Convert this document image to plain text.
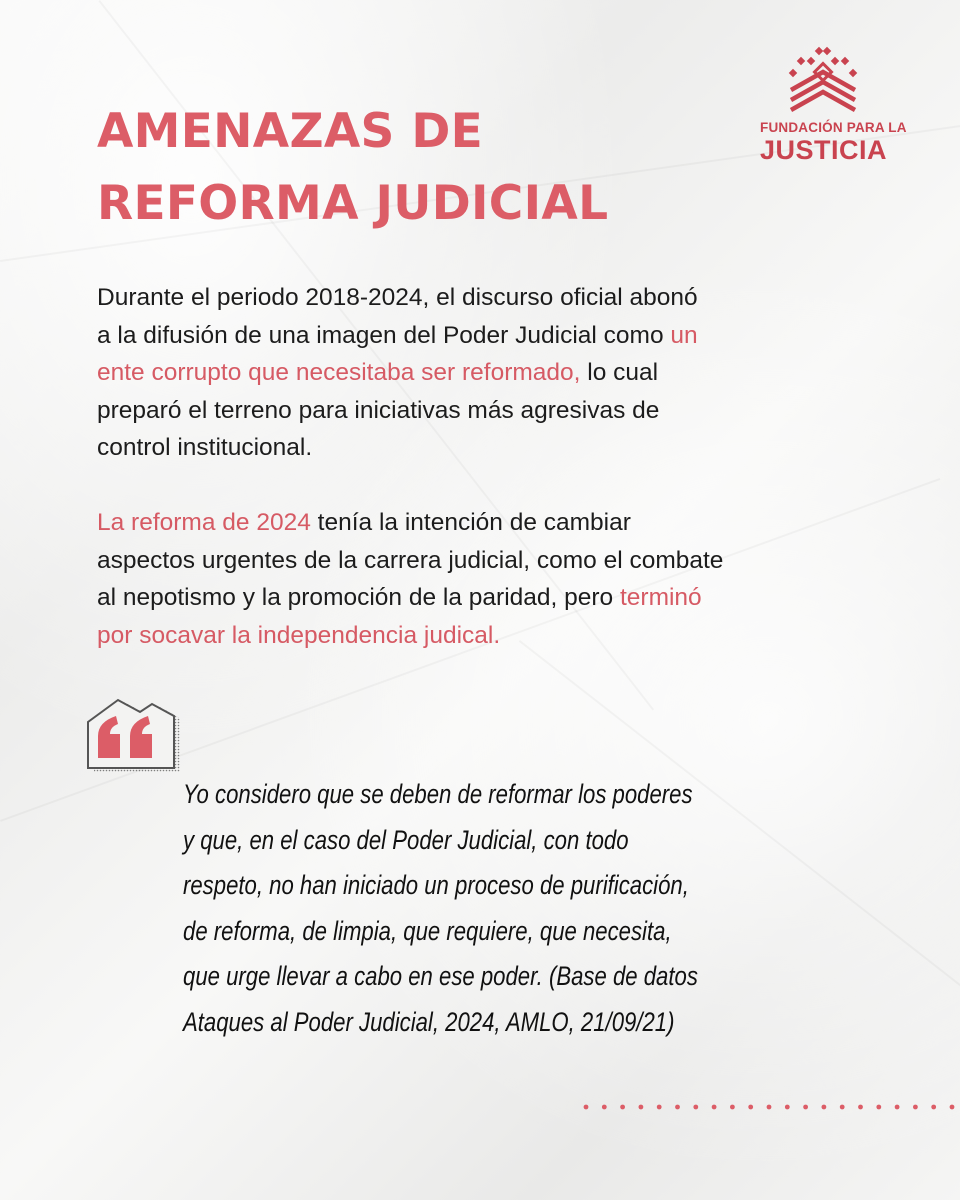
FUNDACIÓN PARA LA
JUSTICIA
AMENAZAS DE
REFORMA JUDICIAL

Durante el periodo 2018-2024, el discurso oficial abonó
a la difusión de una imagen del Poder Judicial como un
ente corrupto que necesitaba ser reformado, lo cual
preparó el terreno para iniciativas más agresivas de
control institucional.

La reforma de 2024 tenía la intención de cambiar
aspectos urgentes de la carrera judicial, como el combate
al nepotismo y la promoción de la paridad, pero terminó
por socavar la independencia judical.

Yo considero que se deben de reformar los poderes
y que, en el caso del Poder Judicial, con todo
respeto, no han iniciado un proceso de purificación,
de reforma, de limpia, que requiere, que necesita,
que urge llevar a cabo en ese poder. (Base de datos
Ataques al Poder Judicial, 2024, AMLO, 21/09/21)
